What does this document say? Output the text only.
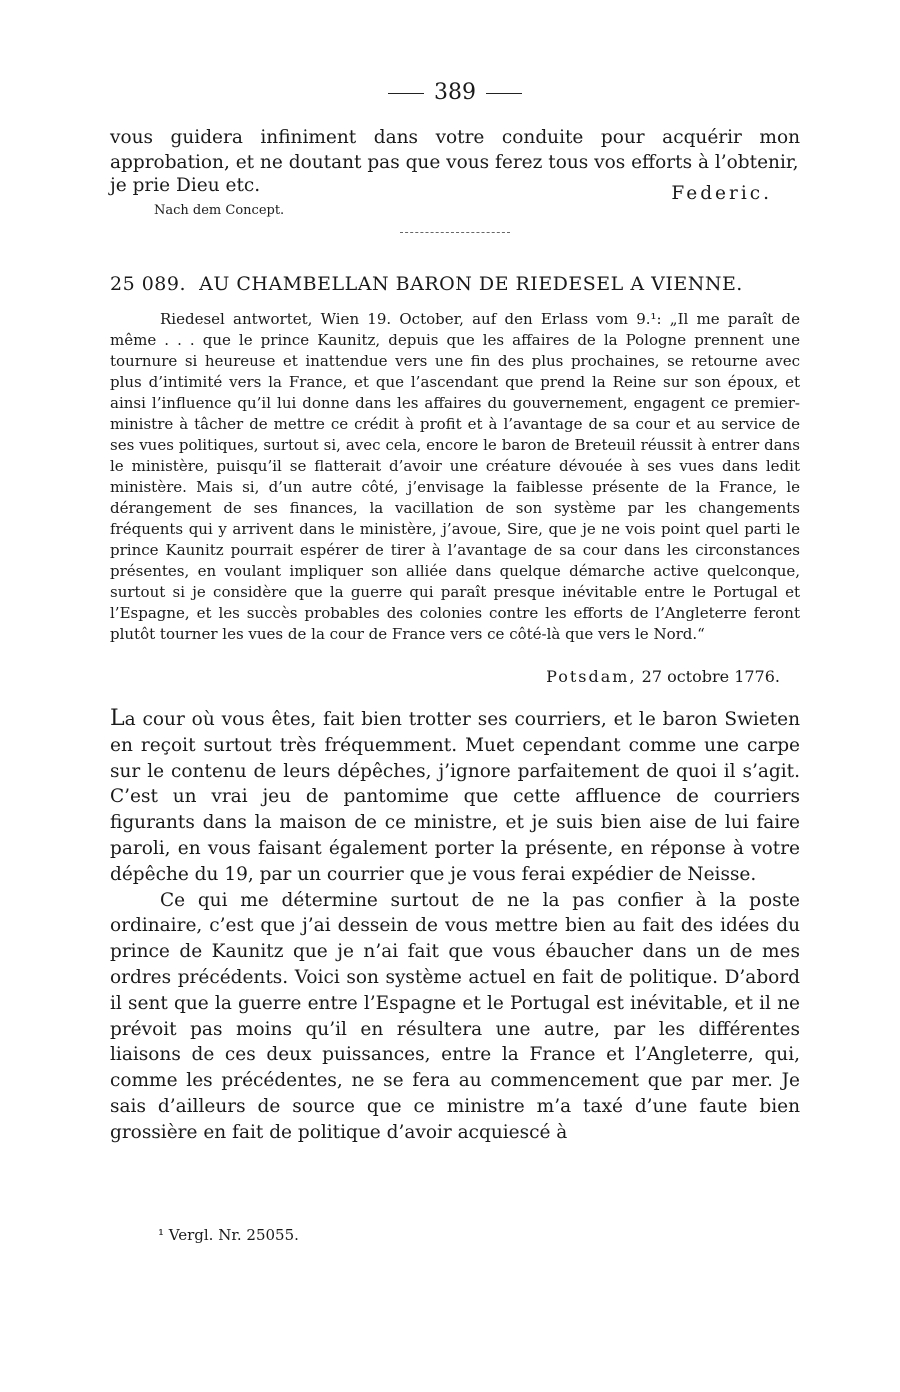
389

vous guidera infiniment dans votre conduite pour acquérir mon approbation, et ne doutant pas que vous ferez tous vos efforts à l’obtenir,

je prie Dieu etc.	Federic.
Nach dem Concept.
25 089. AU CHAMBELLAN BARON DE RIEDESEL A VIENNE.

Riedesel antwortet, Wien 19. October, auf den Erlass vom 9.¹: „Il me paraît de même . . . que le prince Kaunitz, depuis que les affaires de la Pologne prennent une tournure si heureuse et inattendue vers une fin des plus prochaines, se retourne avec plus d’intimité vers la France, et que l’ascendant que prend la Reine sur son époux, et ainsi l’influence qu’il lui donne dans les affaires du gouvernement, engagent ce premier-ministre à tâcher de mettre ce crédit à profit et à l’avantage de sa cour et au service de ses vues politiques, surtout si, avec cela, encore le baron de Breteuil réussit à entrer dans le ministère, puisqu’il se flatterait d’avoir une créature dévouée à ses vues dans ledit ministère. Mais si, d’un autre côté, j’envisage la faiblesse présente de la France, le dérangement de ses finances, la vacillation de son système par les changements fréquents qui y arrivent dans le ministère, j’avoue, Sire, que je ne vois point quel parti le prince Kaunitz pourrait espérer de tirer à l’avantage de sa cour dans les circonstances présentes, en voulant impliquer son alliée dans quelque démarche active quelconque, surtout si je considère que la guerre qui paraît presque inévitable entre le Portugal et l’Espagne, et les succès probables des colonies contre les efforts de l’Angleterre feront plutôt tourner les vues de la cour de France vers ce côté-là que vers le Nord.“

Potsdam, 27 octobre 1776.

La cour où vous êtes, fait bien trotter ses courriers, et le baron Swieten en reçoit surtout très fréquemment. Muet cependant comme une carpe sur le contenu de leurs dépêches, j’ignore parfaitement de quoi il s’agit. C’est un vrai jeu de pantomime que cette affluence de courriers figurants dans la maison de ce ministre, et je suis bien aise de lui faire paroli, en vous faisant également porter la présente, en réponse à votre dépêche du 19, par un courrier que je vous ferai expédier de Neisse.

Ce qui me détermine surtout de ne la pas confier à la poste ordinaire, c’est que j’ai dessein de vous mettre bien au fait des idées du prince de Kaunitz que je n’ai fait que vous ébaucher dans un de mes ordres précédents. Voici son système actuel en fait de politique. D’abord il sent que la guerre entre l’Espagne et le Portugal est inévitable, et il ne prévoit pas moins qu’il en résultera une autre, par les différentes liaisons de ces deux puissances, entre la France et l’Angleterre, qui, comme les précédentes, ne se fera au commencement que par mer. Je sais d’ailleurs de source que ce ministre m’a taxé d’une faute bien grossière en fait de politique d’avoir acquiescé à

¹ Vergl. Nr. 25055.
